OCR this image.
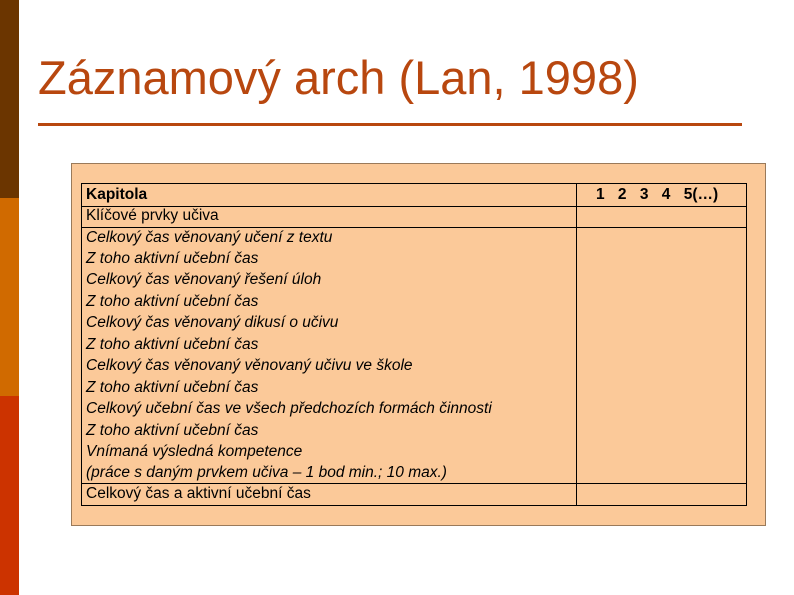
Záznamový arch (Lan, 1998)
Kapitola	1 2 3 4 5(…)
Klíčové prvky učiva
Celkový čas věnovaný učení z textu
Z toho aktivní učební čas
Celkový čas věnovaný řešení úloh
Z toho aktivní učební čas
Celkový čas věnovaný dikusí o učivu
Z toho aktivní učební čas
Celkový čas věnovaný věnovaný učivu ve škole
Z toho aktivní učební čas
Celkový učební čas ve všech předchozích formách činnosti
Z toho aktivní učební čas
Vnímaná výsledná kompetence
(práce s daným prvkem učiva – 1 bod min.; 10 max.)
Celkový čas a aktivní učební čas
